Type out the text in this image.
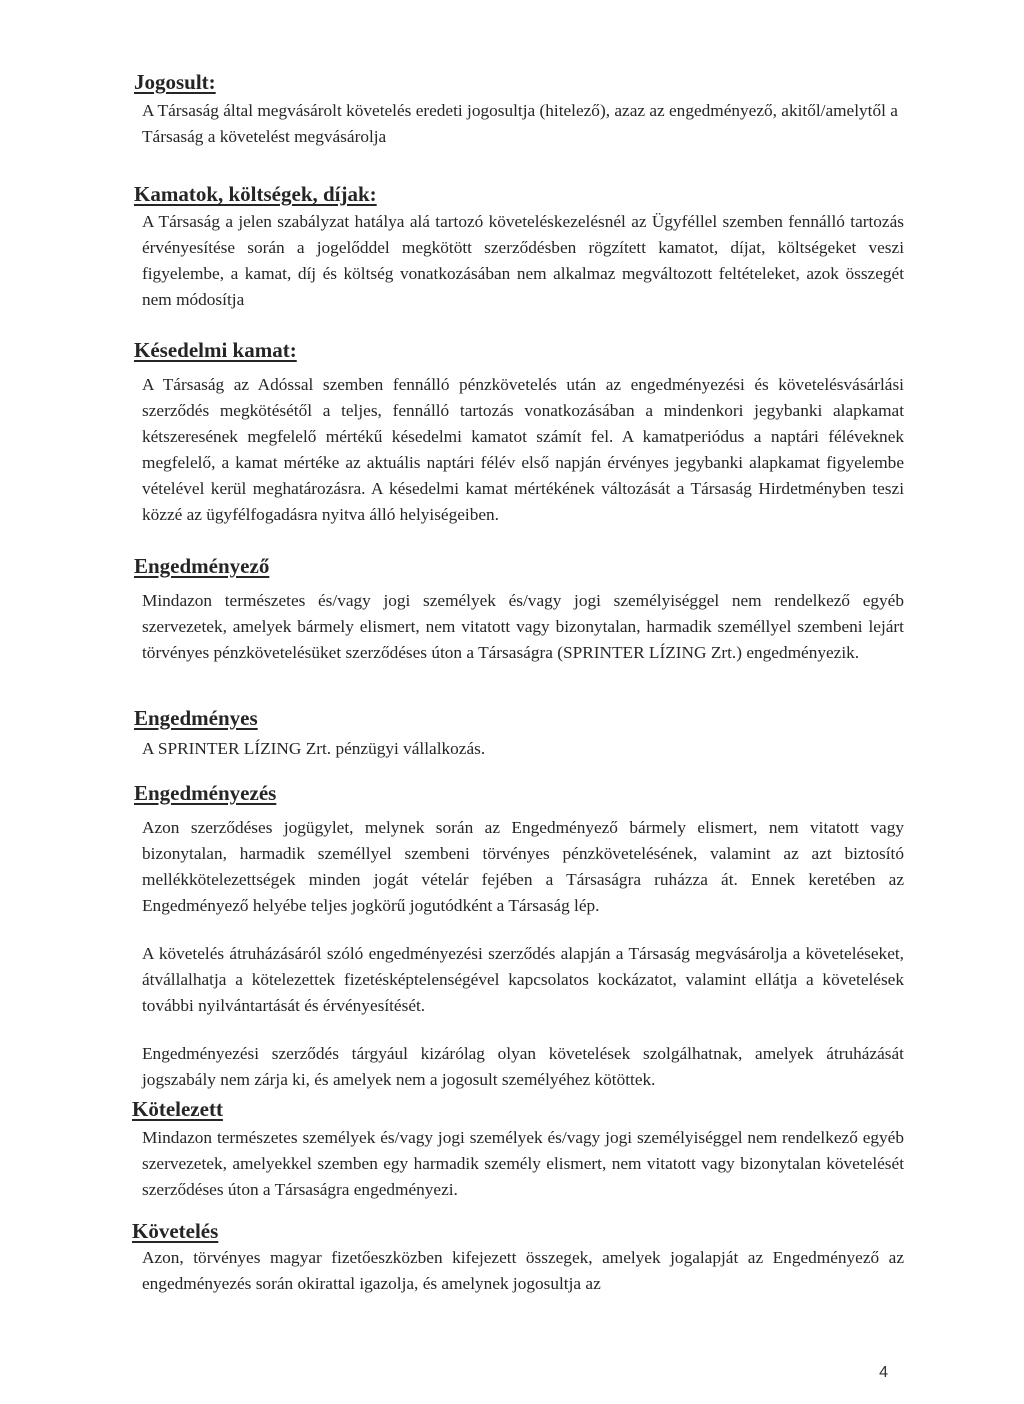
Jogosult:

A Társaság által megvásárolt követelés eredeti jogosultja (hitelező), azaz az engedményező, akitől/amelytől a Társaság a követelést megvásárolja

Kamatok, költségek, díjak:

A Társaság a jelen szabályzat hatálya alá tartozó követeléskezelésnél az Ügyféllel szemben fennálló tartozás érvényesítése során a jogelőddel megkötött szerződésben rögzített kamatot, díjat, költségeket veszi figyelembe, a kamat, díj és költség vonatkozásában nem alkalmaz megváltozott feltételeket, azok összegét nem módosítja

Késedelmi kamat:

A Társaság az Adóssal szemben fennálló pénzkövetelés után az engedményezési és követelésvásárlási szerződés megkötésétől a teljes, fennálló tartozás vonatkozásában a mindenkori jegybanki alapkamat kétszeresének megfelelő mértékű késedelmi kamatot számít fel. A kamatperiódus a naptári féléveknek megfelelő, a kamat mértéke az aktuális naptári félév első napján érvényes jegybanki alapkamat figyelembe vételével kerül meghatározásra. A késedelmi kamat mértékének változását a Társaság Hirdetményben teszi közzé az ügyfélfogadásra nyitva álló helyiségeiben.

Engedményező

Mindazon természetes és/vagy jogi személyek és/vagy jogi személyiséggel nem rendelkező egyéb szervezetek, amelyek bármely elismert, nem vitatott vagy bizonytalan, harmadik személlyel szembeni lejárt törvényes pénzkövetelésüket szerződéses úton a Társaságra (SPRINTER LÍZING Zrt.) engedményezik.

Engedményes

A SPRINTER LÍZING Zrt. pénzügyi vállalkozás.

Engedményezés

Azon szerződéses jogügylet, melynek során az Engedményező bármely elismert, nem vitatott vagy bizonytalan, harmadik személlyel szembeni törvényes pénzkövetelésének, valamint az azt biztosító mellékkötelezettségek minden jogát vételár fejében a Társaságra ruházza át. Ennek keretében az Engedményező helyébe teljes jogkörű jogutódként a Társaság lép.

A követelés átruházásáról szóló engedményezési szerződés alapján a Társaság megvásárolja a követeléseket, átvállalhatja a kötelezettek fizetésképtelenségével kapcsolatos kockázatot, valamint ellátja a követelések további nyilvántartását és érvényesítését.

Engedményezési szerződés tárgyául kizárólag olyan követelések szolgálhatnak, amelyek átruházását jogszabály nem zárja ki, és amelyek nem a jogosult személyéhez kötöttek.

Kötelezett

Mindazon természetes személyek és/vagy jogi személyek és/vagy jogi személyiséggel nem rendelkező egyéb szervezetek, amelyekkel szemben egy harmadik személy elismert, nem vitatott vagy bizonytalan követelését szerződéses úton a Társaságra engedményezi.

Követelés

Azon, törvényes magyar fizetőeszközben kifejezett összegek, amelyek jogalapját az Engedményező az engedményezés során okirattal igazolja, és amelynek jogosultja az

4
